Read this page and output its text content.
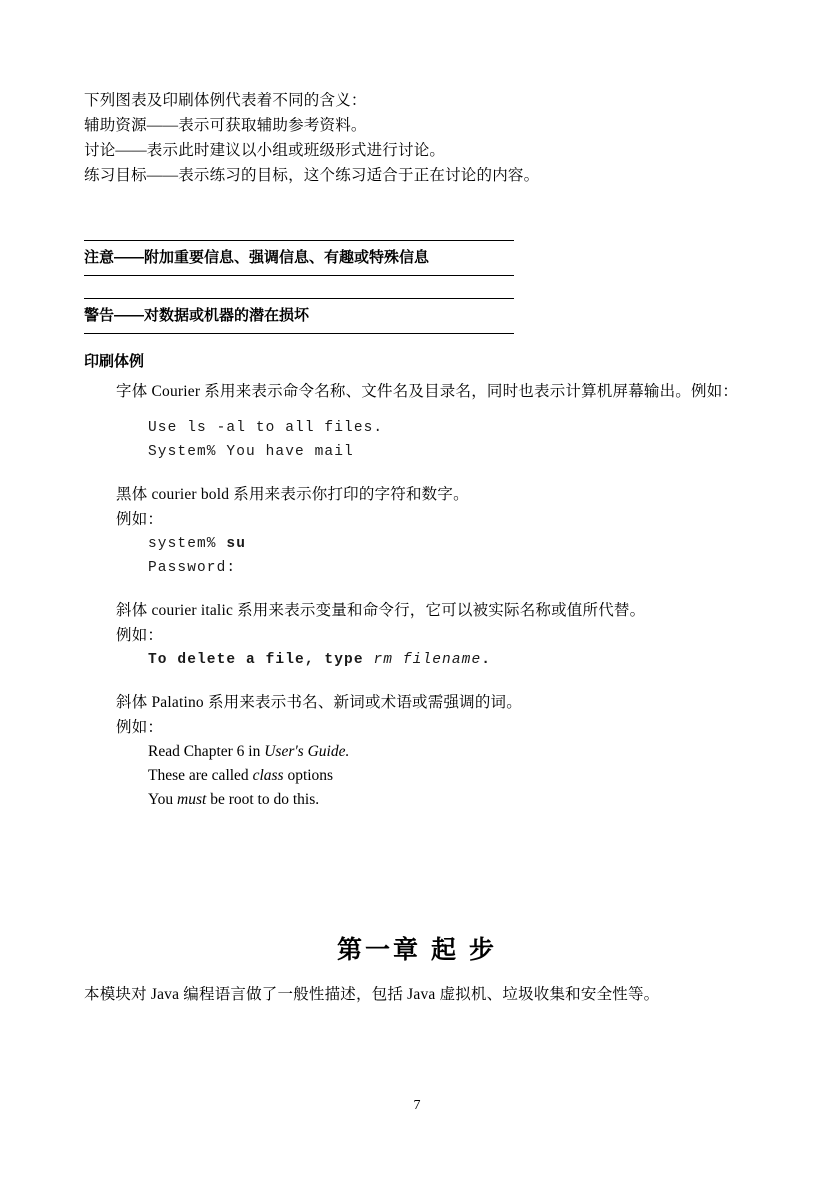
下列图表及印刷体例代表着不同的含义：
辅助资源——表示可获取辅助参考资料。
讨论——表示此时建议以小组或班级形式进行讨论。
练习目标——表示练习的目标，这个练习适合于正在讨论的内容。
注意——附加重要信息、强调信息、有趣或特殊信息
警告——对数据或机器的潜在损坏
印刷体例
字体 Courier 系用来表示命令名称、文件名及目录名，同时也表示计算机屏幕输出。例如：
Use ls -al to all files.
System% You have mail
黑体 courier bold 系用来表示你打印的字符和数字。
例如：
system% su
Password:
斜体 courier italic 系用来表示变量和命令行，它可以被实际名称或值所代替。
例如：
To delete a file, type rm filename.
斜体 Palatino 系用来表示书名、新词或术语或需强调的词。
例如：
Read Chapter 6 in User's Guide.
These are called class options
You must be root to do this.
第一章 起 步
本模块对 Java 编程语言做了一般性描述，包括 Java 虚拟机、垃圾收集和安全性等。
7
